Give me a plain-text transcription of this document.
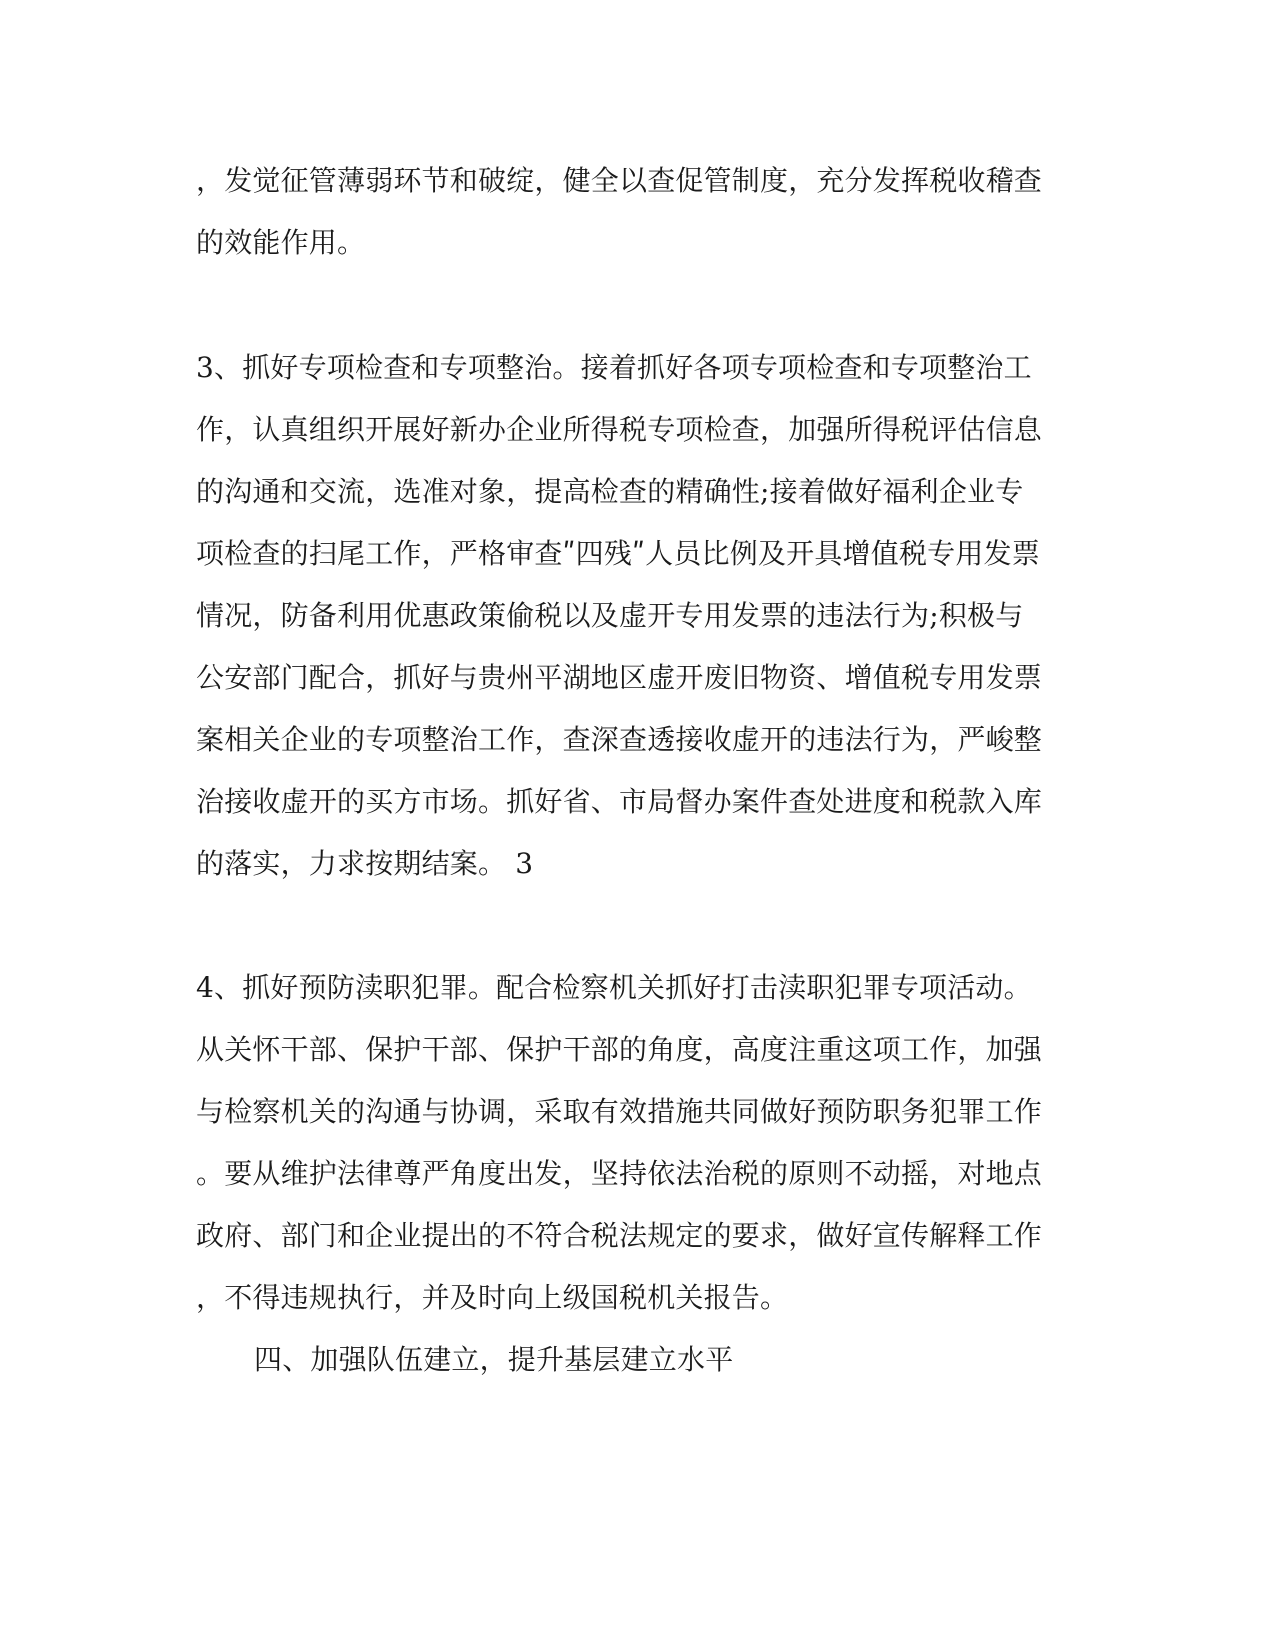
，发觉征管薄弱环节和破绽，健全以查促管制度，充分发挥税收稽查

的效能作用。

3、抓好专项检查和专项整治。接着抓好各项专项检查和专项整治工

作，认真组织开展好新办企业所得税专项检查，加强所得税评估信息

的沟通和交流，选准对象，提高检查的精确性;接着做好福利企业专

项检查的扫尾工作，严格审查ʺ四残ʺ人员比例及开具增值税专用发票

情况，防备利用优惠政策偷税以及虚开专用发票的违法行为;积极与

公安部门配合，抓好与贵州平湖地区虚开废旧物资、增值税专用发票

案相关企业的专项整治工作，查深查透接收虚开的违法行为，严峻整

治接收虚开的买方市场。抓好省、市局督办案件查处进度和税款入库

的落实，力求按期结案。 3

4、抓好预防渎职犯罪。配合检察机关抓好打击渎职犯罪专项活动。

从关怀干部、保护干部、保护干部的角度，高度注重这项工作，加强

与检察机关的沟通与协调，采取有效措施共同做好预防职务犯罪工作

。要从维护法律尊严角度出发，坚持依法治税的原则不动摇，对地点

政府、部门和企业提出的不符合税法规定的要求，做好宣传解释工作

，不得违规执行，并及时向上级国税机关报告。

四、加强队伍建立，提升基层建立水平
